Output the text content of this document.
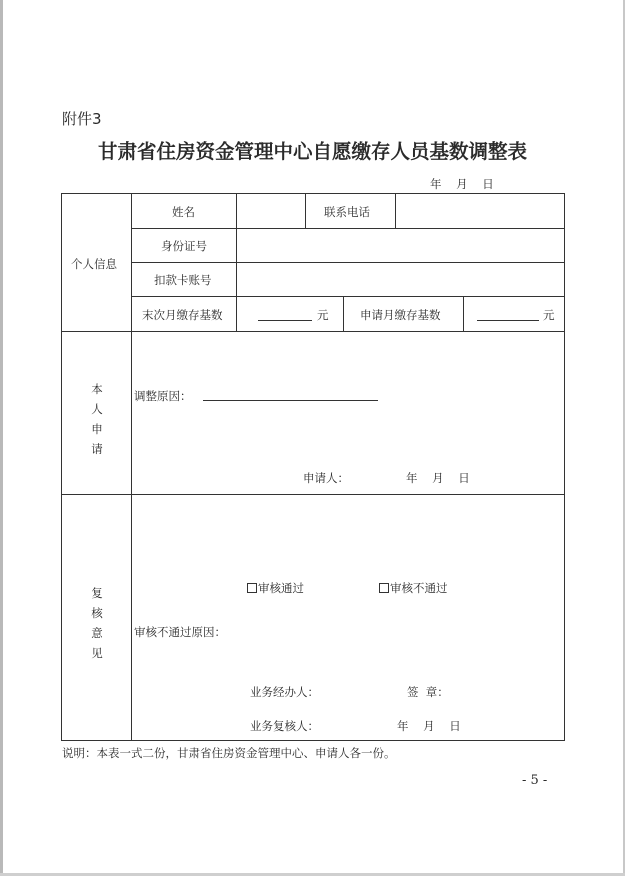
附件3
甘肃省住房资金管理中心自愿缴存人员基数调整表
年    月    日
个人信息
姓名	联系电话
身份证号
扣款卡账号
末次月缴存基数	元	申请月缴存基数	元
本
人
申
请
调整原因：
申请人：	年    月    日
复
核
意
见
审核通过	审核不通过
审核不通过原因：
业务经办人：	签  章：
业务复核人：	年    月    日
说明：本表一式二份，甘肃省住房资金管理中心、申请人各一份。
- 5 -
